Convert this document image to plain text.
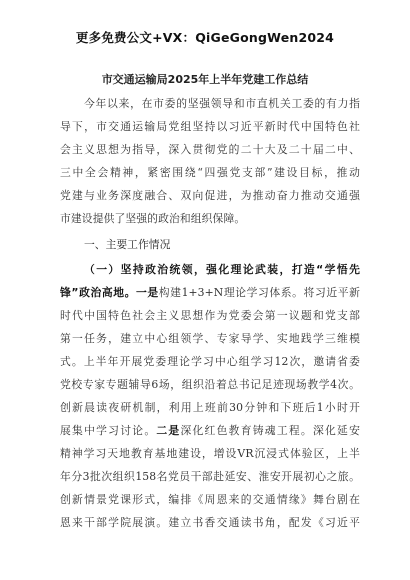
更多免费公文+VX：QiGeGongWen2024
市交通运输局2025年上半年党建工作总结
今年以来，在市委的坚强领导和市直机关工委的有力指
导下，市交通运输局党组坚持以习近平新时代中国特色社
会主义思想为指导，深入贯彻党的二十大及二十届二中、
三中全会精神，紧密围绕“四强党支部”建设目标，推动
党建与业务深度融合、双向促进，为推动奋力推动交通强
市建设提供了坚强的政治和组织保障。
一、主要工作情况
（一）坚持政治统领，强化理论武装，打造“学悟先
锋”政治高地。一是构建1+3+N理论学习体系。将习近平新
时代中国特色社会主义思想作为党委会第一议题和党支部
第一任务，建立中心组领学、专家导学、实地践学三维模
式。上半年开展党委理论学习中心组学习12次，邀请省委
党校专家专题辅导6场，组织沿着总书记足迹现场教学4次。
创新晨读夜研机制，利用上班前30分钟和下班后1小时开
展集中学习讨论。二是深化红色教育铸魂工程。深化延安
精神学习天地教育基地建设，增设VR沉浸式体验区，上半
年分3批次组织158名党员干部赴延安、淮安开展初心之旅。
创新情景党课形式，编排《周恩来的交通情缘》舞台剧在
恩来干部学院展演。建立书香交通读书角，配发《习近平
